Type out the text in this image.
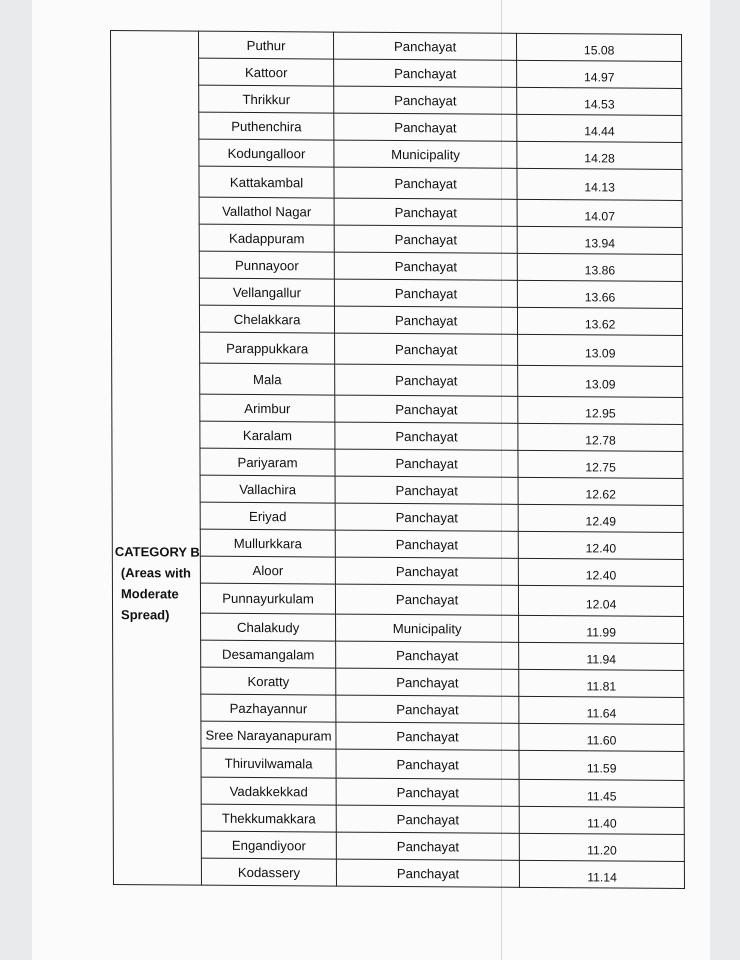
CATEGORY B
(Areas with
Moderate
Spread)	Puthur	Panchayat	15.08
	Kattoor	Panchayat	14.97
	Thrikkur	Panchayat	14.53
	Puthenchira	Panchayat	14.44
	Kodungalloor	Municipality	14.28
	Kattakambal	Panchayat	14.13
	Vallathol Nagar	Panchayat	14.07
	Kadappuram	Panchayat	13.94
	Punnayoor	Panchayat	13.86
	Vellangallur	Panchayat	13.66
	Chelakkara	Panchayat	13.62
	Parappukkara	Panchayat	13.09
	Mala	Panchayat	13.09
	Arimbur	Panchayat	12.95
	Karalam	Panchayat	12.78
	Pariyaram	Panchayat	12.75
	Vallachira	Panchayat	12.62
	Eriyad	Panchayat	12.49
	Mullurkkara	Panchayat	12.40
	Aloor	Panchayat	12.40
	Punnayurkulam	Panchayat	12.04
	Chalakudy	Municipality	11.99
	Desamangalam	Panchayat	11.94
	Koratty	Panchayat	11.81
	Pazhayannur	Panchayat	11.64
	Sree Narayanapuram	Panchayat	11.60
	Thiruvilwamala	Panchayat	11.59
	Vadakkekkad	Panchayat	11.45
	Thekkumakkara	Panchayat	11.40
	Engandiyoor	Panchayat	11.20
	Kodassery	Panchayat	11.14
